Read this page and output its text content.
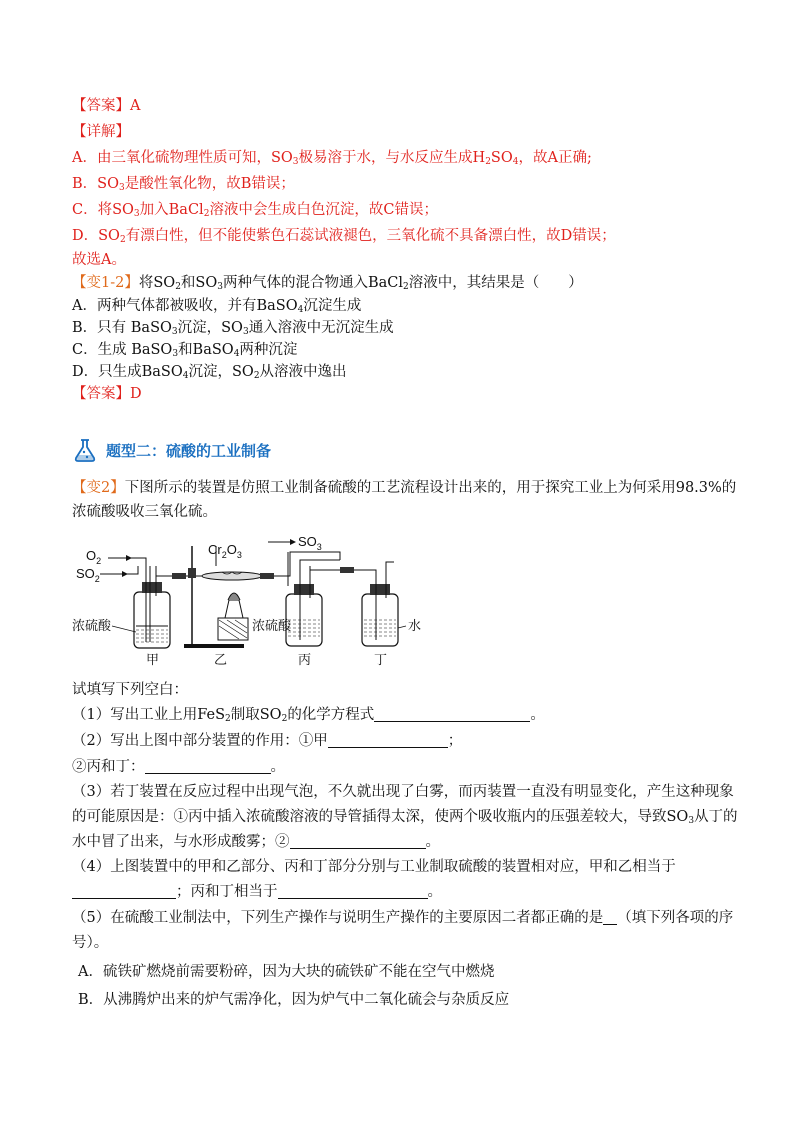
【答案】A
【详解】
A．由三氧化硫物理性质可知，$SO_3$极易溶于水，与水反应生成$H_2SO_4$，故A正确;
B．$SO_3$是酸性氧化物，故B错误；
C．将$SO_3$加入BaCl$_2$溶液中会生成白色沉淀，故C错误；
D．$SO_2$有漂白性，但不能使紫色石蕊试液褪色，三氧化硫不具备漂白性，故D错误；
故选A。
【变1-2】将$SO_2$和$SO_3$两种气体的混合物通入BaCl$_2$溶液中，其结果是（　　）
A．两种气体都被吸收，并有BaSO$_4$沉淀生成
B．只有 BaSO$_3$沉淀，$SO_3$通入溶液中无沉淀生成
C．生成 BaSO$_3$和BaSO$_4$两种沉淀
D．只生成BaSO$_4$沉淀，$SO_2$从溶液中逸出
【答案】D
题型二：硫酸的工业制备
【变2】下图所示的装置是仿照工业制备硫酸的工艺流程设计出来的，用于探究工业上为何采用98.3%的
浓硫酸吸收三氧化硫。
$O_2$
$SO_2$
浓硫酸
甲
$Cr_2O_3$
乙
$SO_3$
浓硫酸
丙
水
丁
试填写下列空白：
（1）写出工业上用FeS$_2$制取$SO_2$的化学方程式	。
（2）写出上图中部分装置的作用：①甲	；
②丙和丁：	。
（3）若丁装置在反应过程中出现气泡，不久就出现了白雾，而丙装置一直没有明显变化，产生这种现象
的可能原因是：①丙中插入浓硫酸溶液的导管插得太深，使两个吸收瓶内的压强差较大，导致$SO_3$从丁的
水中冒了出来，与水形成酸雾；②	。
（4）上图装置中的甲和乙部分、丙和丁部分分别与工业制取硫酸的装置相对应，甲和乙相当于
；丙和丁相当于	。
（5）在硫酸工业制法中，下列生产操作与说明生产操作的主要原因二者都正确的是 （填下列各项的序
号）。
A．硫铁矿燃烧前需要粉碎，因为大块的硫铁矿不能在空气中燃烧
B．从沸腾炉出来的炉气需净化，因为炉气中二氧化硫会与杂质反应
